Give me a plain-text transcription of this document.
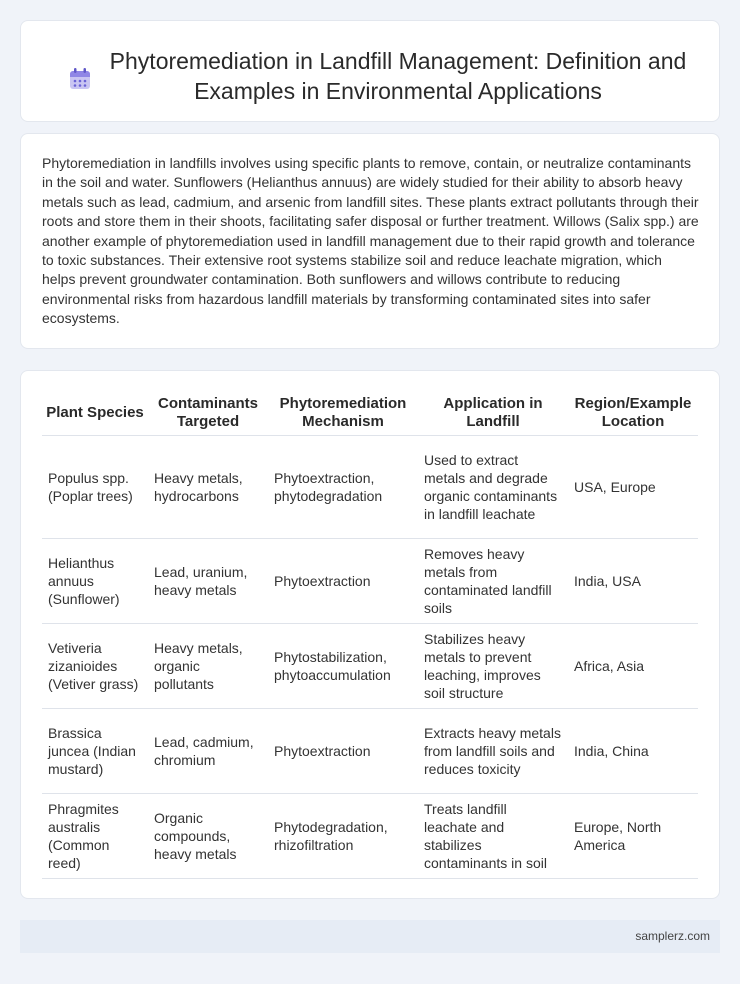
Phytoremediation in Landfill Management: Definition and Examples in Environmental Applications

Phytoremediation in landfills involves using specific plants to remove, contain, or neutralize contaminants in the soil and water. Sunflowers (Helianthus annuus) are widely studied for their ability to absorb heavy metals such as lead, cadmium, and arsenic from landfill sites. These plants extract pollutants through their roots and store them in their shoots, facilitating safer disposal or further treatment. Willows (Salix spp.) are another example of phytoremediation used in landfill management due to their rapid growth and tolerance to toxic substances. Their extensive root systems stabilize soil and reduce leachate migration, which helps prevent groundwater contamination. Both sunflowers and willows contribute to reducing environmental risks from hazardous landfill materials by transforming contaminated sites into safer ecosystems.

Plant Species	Contaminants Targeted	Phytoremediation Mechanism	Application in Landfill	Region/Example Location
Populus spp. (Poplar trees)	Heavy metals, hydrocarbons	Phytoextraction, phytodegradation	Used to extract metals and degrade organic contaminants in landfill leachate	USA, Europe
Helianthus annuus (Sunflower)	Lead, uranium, heavy metals	Phytoextraction	Removes heavy metals from contaminated landfill soils	India, USA
Vetiveria zizanioides (Vetiver grass)	Heavy metals, organic pollutants	Phytostabilization, phytoaccumulation	Stabilizes heavy metals to prevent leaching, improves soil structure	Africa, Asia
Brassica juncea (Indian mustard)	Lead, cadmium, chromium	Phytoextraction	Extracts heavy metals from landfill soils and reduces toxicity	India, China
Phragmites australis (Common reed)	Organic compounds, heavy metals	Phytodegradation, rhizofiltration	Treats landfill leachate and stabilizes contaminants in soil	Europe, North America
samplerz.com
